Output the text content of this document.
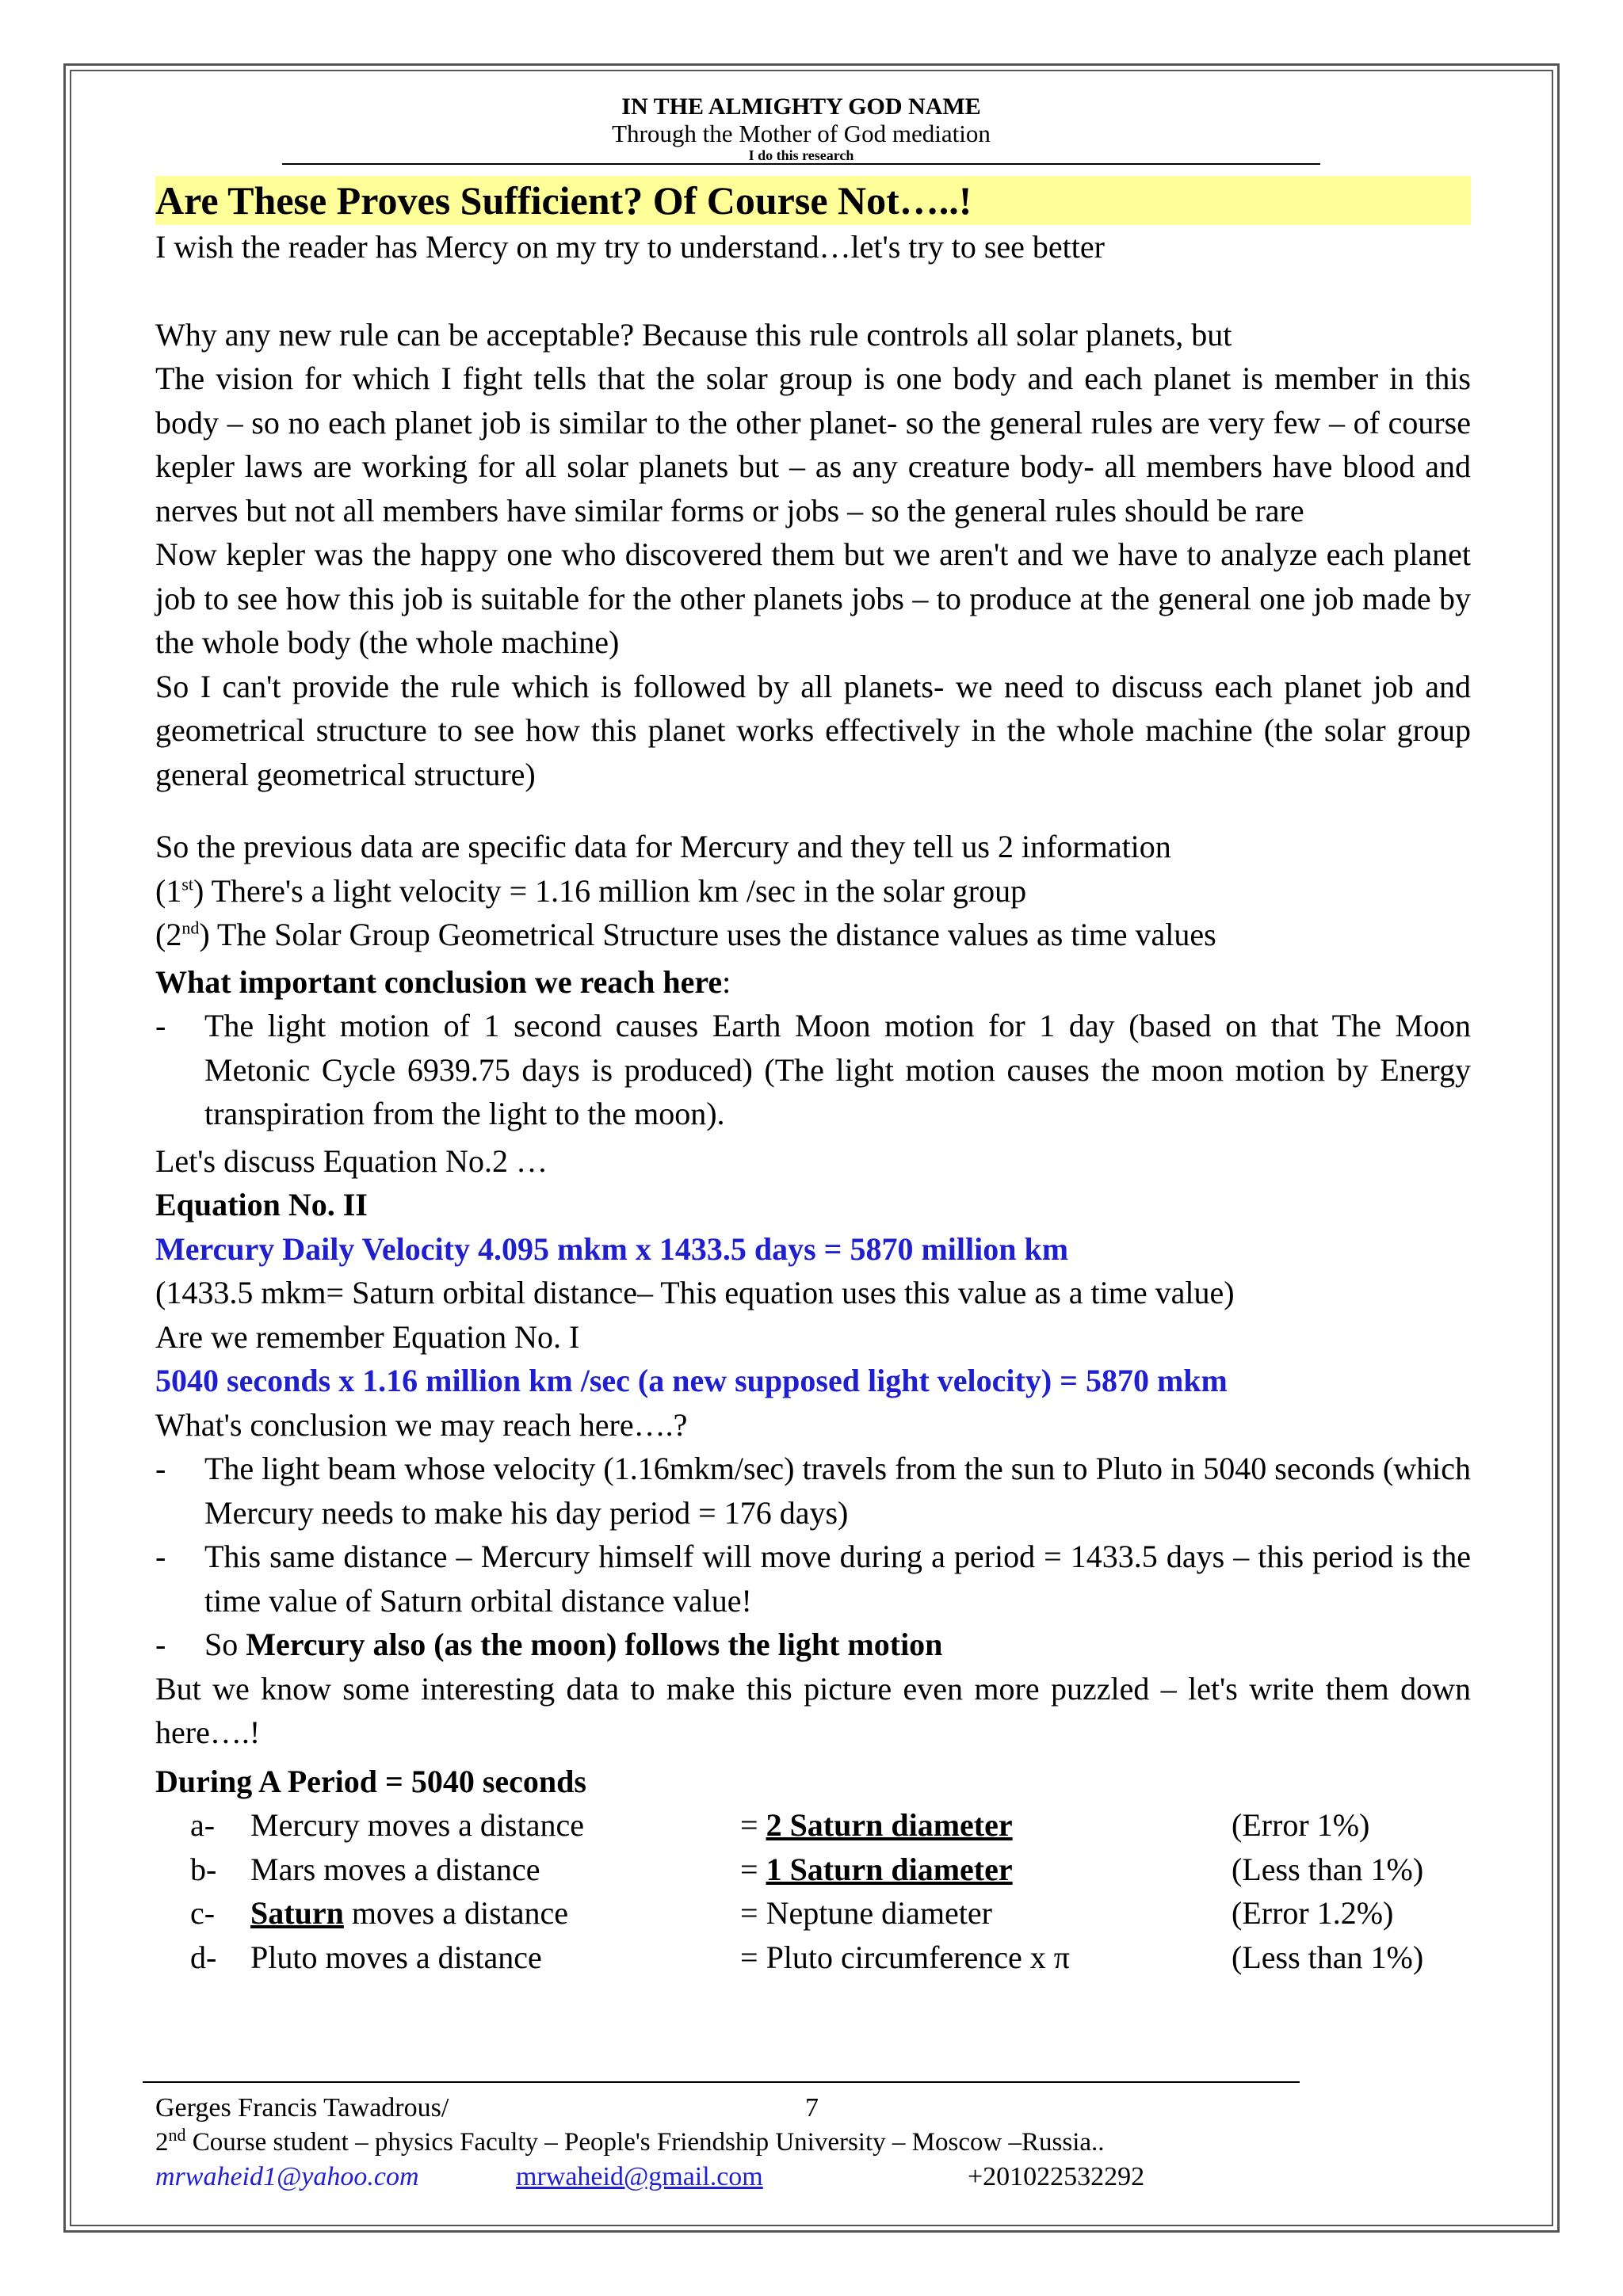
IN THE ALMIGHTY GOD NAME
Through the Mother of God mediation
I do this research
Are These Proves Sufficient? Of Course Not…..!

I wish the reader has Mercy on my try to understand…let's try to see better

Why any new rule can be acceptable? Because this rule controls all solar planets, but

The vision for which I fight tells that the solar group is one body and each planet is member in this body – so no each planet job is similar to the other planet- so the general rules are very few – of course kepler laws are working for all solar planets but – as any creature body- all members have blood and nerves but not all members have similar forms or jobs – so the general rules should be rare

Now kepler was the happy one who discovered them but we aren't and we have to analyze each planet job to see how this job is suitable for the other planets jobs – to produce at the general one job made by the whole body (the whole machine)

So I can't provide the rule which is followed by all planets- we need to discuss each planet job and geometrical structure to see how this planet works effectively in the whole machine (the solar group general geometrical structure)

So the previous data are specific data for Mercury and they tell us 2 information

(1st) There's a light velocity = 1.16 million km /sec in the solar group

(2nd) The Solar Group Geometrical Structure uses the distance values as time values

What important conclusion we reach here:

-	The light motion of 1 second causes Earth Moon motion for 1 day (based on that The Moon Metonic Cycle 6939.75 days is produced) (The light motion causes the moon motion by Energy transpiration from the light to the moon).

Let's discuss Equation No.2 …

Equation No. II

Mercury Daily Velocity 4.095 mkm x 1433.5 days = 5870 million km

(1433.5 mkm= Saturn orbital distance– This equation uses this value as a time value)

Are we remember Equation No. I

5040 seconds x 1.16 million km /sec (a new supposed light velocity) = 5870 mkm

What's conclusion we may reach here….?

-	The light beam whose velocity (1.16mkm/sec) travels from the sun to Pluto in 5040 seconds (which Mercury needs to make his day period = 176 days)
-	This same distance – Mercury himself will move during a period = 1433.5 days – this period is the time value of Saturn orbital distance value!
-	So Mercury also (as the moon) follows the light motion

But we know some interesting data to make this picture even more puzzled – let's write them down here….!

During A Period = 5040 seconds

a-	Mercury moves a distance	= 2 Saturn diameter	(Error 1%)
b-	Mars moves a distance	= 1 Saturn diameter	(Less than 1%)
c-	Saturn moves a distance	= Neptune diameter	(Error 1.2%)
d-	Pluto moves a distance	= Pluto circumference x π	(Less than 1%)
Gerges Francis Tawadrous/	7
2nd Course student – physics Faculty – People's Friendship University – Moscow –Russia..
mrwaheid1@yahoo.com	mrwaheid@gmail.com	+201022532292
